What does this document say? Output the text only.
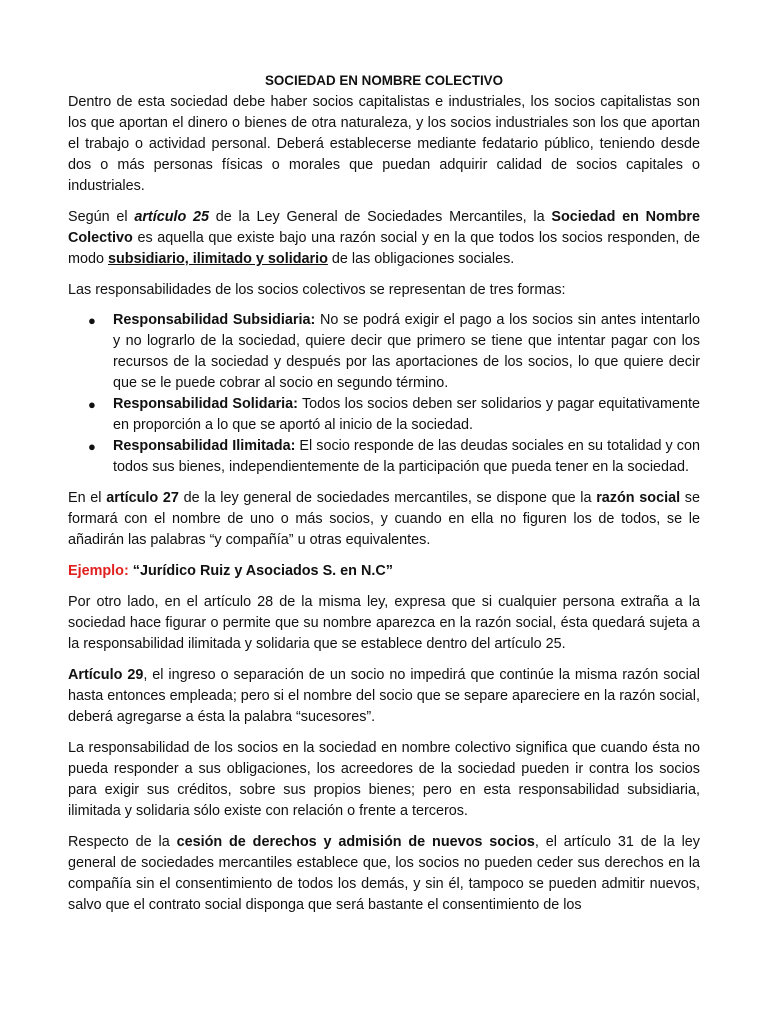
SOCIEDAD EN NOMBRE COLECTIVO

Dentro de esta sociedad debe haber socios capitalistas e industriales, los socios capitalistas son los que aportan el dinero o bienes de otra naturaleza, y los socios industriales son los que aportan el trabajo o actividad personal. Deberá establecerse mediante fedatario público, teniendo desde dos o más personas físicas o morales que puedan adquirir calidad de socios capitales o industriales.

Según el artículo 25 de la Ley General de Sociedades Mercantiles, la Sociedad en Nombre Colectivo es aquella que existe bajo una razón social y en la que todos los socios responden, de modo subsidiario, ilimitado y solidario de las obligaciones sociales.

Las responsabilidades de los socios colectivos se representan de tres formas:

● Responsabilidad Subsidiaria: No se podrá exigir el pago a los socios sin antes intentarlo y no lograrlo de la sociedad, quiere decir que primero se tiene que intentar pagar con los recursos de la sociedad y después por las aportaciones de los socios, lo que quiere decir que se le puede cobrar al socio en segundo término.
● Responsabilidad Solidaria: Todos los socios deben ser solidarios y pagar equitativamente en proporción a lo que se aportó al inicio de la sociedad.
● Responsabilidad Ilimitada: El socio responde de las deudas sociales en su totalidad y con todos sus bienes, independientemente de la participación que pueda tener en la sociedad.

En el artículo 27 de la ley general de sociedades mercantiles, se dispone que la razón social se formará con el nombre de uno o más socios, y cuando en ella no figuren los de todos, se le añadirán las palabras “y compañía” u otras equivalentes.

Ejemplo: “Jurídico Ruiz y Asociados S. en N.C”

Por otro lado, en el artículo 28 de la misma ley, expresa que si cualquier persona extraña a la sociedad hace figurar o permite que su nombre aparezca en la razón social, ésta quedará sujeta a la responsabilidad ilimitada y solidaria que se establece dentro del artículo 25.

Artículo 29, el ingreso o separación de un socio no impedirá que continúe la misma razón social hasta entonces empleada; pero si el nombre del socio que se separe apareciere en la razón social, deberá agregarse a ésta la palabra “sucesores”.

La responsabilidad de los socios en la sociedad en nombre colectivo significa que cuando ésta no pueda responder a sus obligaciones, los acreedores de la sociedad pueden ir contra los socios para exigir sus créditos, sobre sus propios bienes; pero en esta responsabilidad subsidiaria, ilimitada y solidaria sólo existe con relación o frente a terceros.

Respecto de la cesión de derechos y admisión de nuevos socios, el artículo 31 de la ley general de sociedades mercantiles establece que, los socios no pueden ceder sus derechos en la compañía sin el consentimiento de todos los demás, y sin él, tampoco se pueden admitir nuevos, salvo que el contrato social disponga que será bastante el consentimiento de los
